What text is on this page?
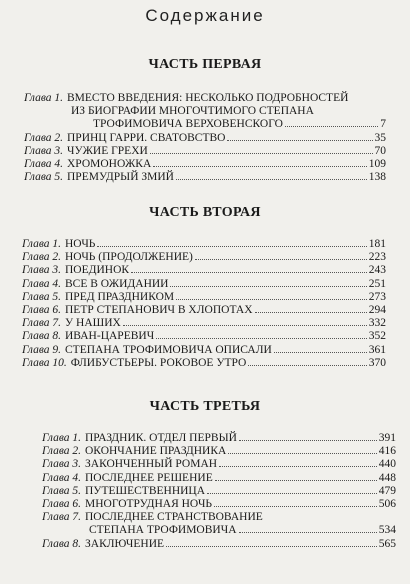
Содержание
ЧАСТЬ ПЕРВАЯ
Глава 1. ВМЕСТО ВВЕДЕНИЯ: НЕСКОЛЬКО ПОДРОБНОСТЕЙ
ИЗ БИОГРАФИИ МНОГОЧТИМОГО СТЕПАНА
ТРОФИМОВИЧА ВЕРХОВЕНСКОГО	7
Глава 2. ПРИНЦ ГАРРИ. СВАТОВСТВО	35
Глава 3. ЧУЖИЕ ГРЕХИ	70
Глава 4. ХРОМОНОЖКА	109
Глава 5. ПРЕМУДРЫЙ ЗМИЙ	138
ЧАСТЬ ВТОРАЯ
Глава 1. НОЧЬ	181
Глава 2. НОЧЬ (ПРОДОЛЖЕНИЕ)	223
Глава 3. ПОЕДИНОК	243
Глава 4. ВСЕ В ОЖИДАНИИ	251
Глава 5. ПРЕД ПРАЗДНИКОМ	273
Глава 6. ПЕТР СТЕПАНОВИЧ В ХЛОПОТАХ	294
Глава 7. У НАШИХ	332
Глава 8. ИВАН-ЦАРЕВИЧ	352
Глава 9. СТЕПАНА ТРОФИМОВИЧА ОПИСАЛИ	361
Глава 10. ФЛИБУСТЬЕРЫ. РОКОВОЕ УТРО	370
ЧАСТЬ ТРЕТЬЯ
Глава 1. ПРАЗДНИК. ОТДЕЛ ПЕРВЫЙ	391
Глава 2. ОКОНЧАНИЕ ПРАЗДНИКА	416
Глава 3. ЗАКОНЧЕННЫЙ РОМАН	440
Глава 4. ПОСЛЕДНЕЕ РЕШЕНИЕ	448
Глава 5. ПУТЕШЕСТВЕННИЦА	479
Глава 6. МНОГОТРУДНАЯ НОЧЬ	506
Глава 7. ПОСЛЕДНЕЕ СТРАНСТВОВАНИЕ
СТЕПАНА ТРОФИМОВИЧА	534
Глава 8. ЗАКЛЮЧЕНИЕ	565
